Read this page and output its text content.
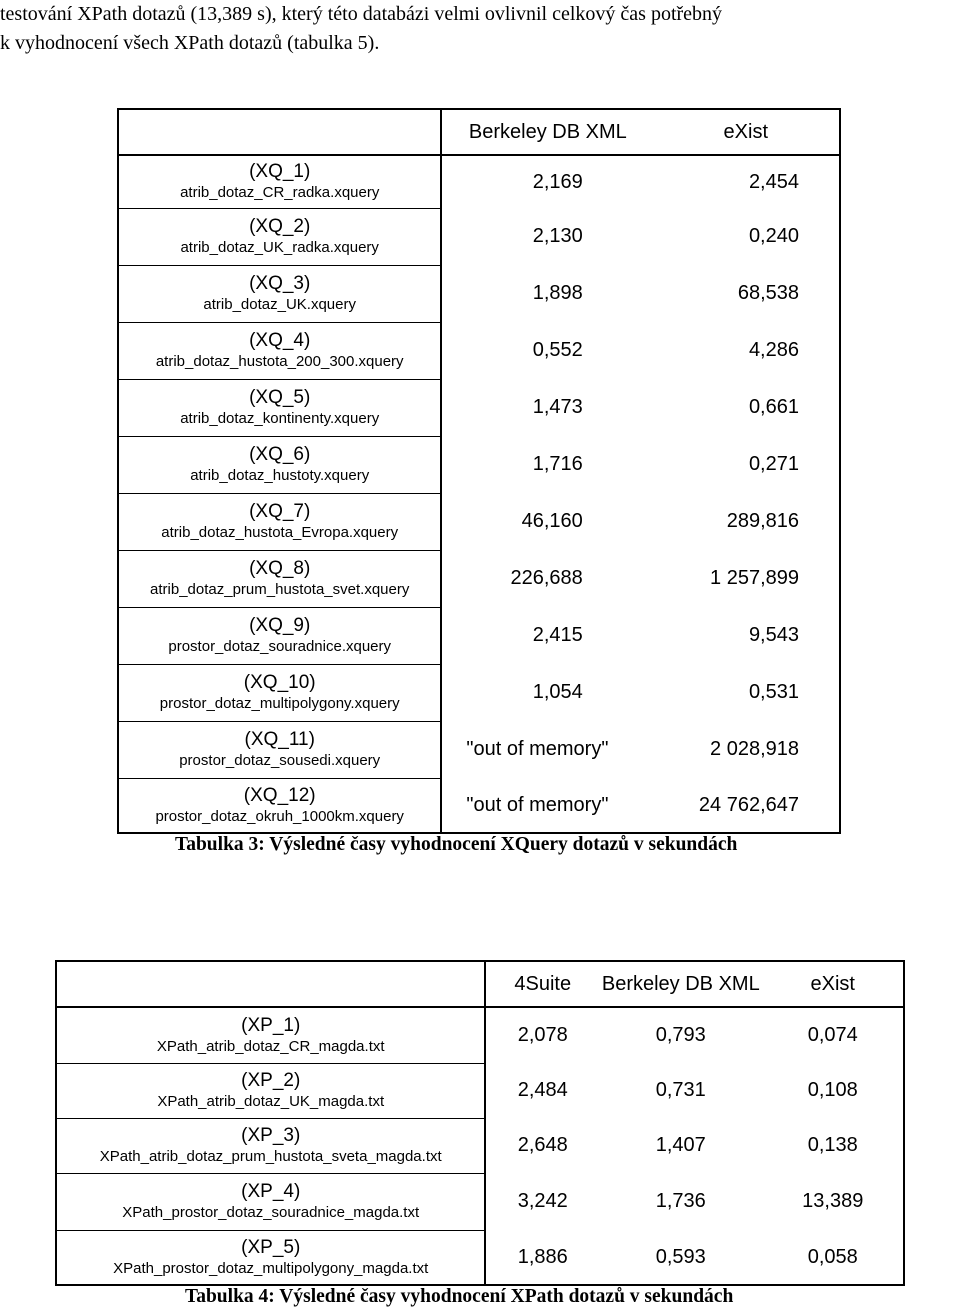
testování XPath dotazů (13,389 s), který této databázi velmi ovlivnil celkový čas potřebný

k vyhodnocení všech XPath dotazů (tabulka 5).

	Berkeley DB XML	eXist

(XQ_1)
atrib_dotaz_CR_radka.xquery	2,169	2,454

(XQ_2)
atrib_dotaz_UK_radka.xquery	2,130	0,240

(XQ_3)
atrib_dotaz_UK.xquery	1,898	68,538

(XQ_4)
atrib_dotaz_hustota_200_300.xquery	0,552	4,286

(XQ_5)
atrib_dotaz_kontinenty.xquery	1,473	0,661

(XQ_6)
atrib_dotaz_hustoty.xquery	1,716	0,271

(XQ_7)
atrib_dotaz_hustota_Evropa.xquery	46,160	289,816

(XQ_8)
atrib_dotaz_prum_hustota_svet.xquery	226,688	1 257,899

(XQ_9)
prostor_dotaz_souradnice.xquery	2,415	9,543

(XQ_10)
prostor_dotaz_multipolygony.xquery	1,054	0,531

(XQ_11)
prostor_dotaz_sousedi.xquery	"out of memory"	2 028,918

(XQ_12)
prostor_dotaz_okruh_1000km.xquery	"out of memory"	24 762,647
Tabulka 3: Výsledné časy vyhodnocení XQuery dotazů v sekundách
	4Suite	Berkeley DB XML	eXist

(XP_1)
XPath_atrib_dotaz_CR_magda.txt	2,078	0,793	0,074

(XP_2)
XPath_atrib_dotaz_UK_magda.txt	2,484	0,731	0,108

(XP_3)
XPath_atrib_dotaz_prum_hustota_sveta_magda.txt	2,648	1,407	0,138

(XP_4)
XPath_prostor_dotaz_souradnice_magda.txt	3,242	1,736	13,389

(XP_5)
XPath_prostor_dotaz_multipolygony_magda.txt	1,886	0,593	0,058
Tabulka 4: Výsledné časy vyhodnocení XPath dotazů v sekundách
